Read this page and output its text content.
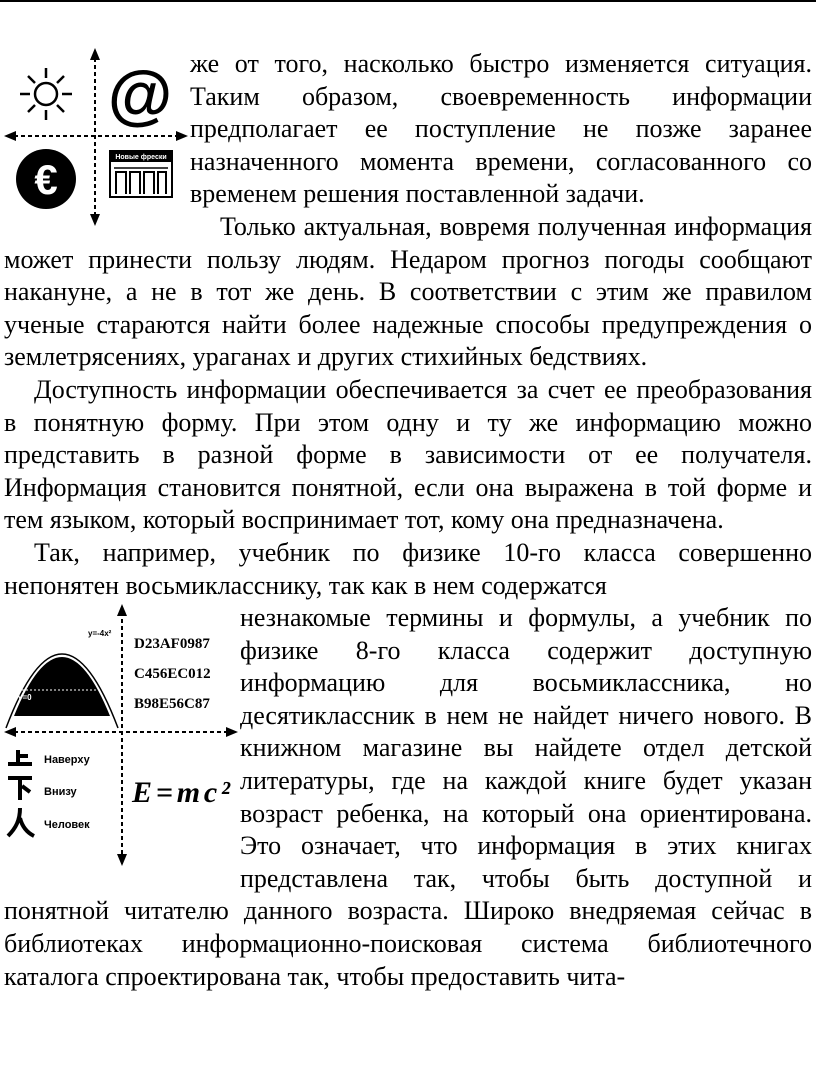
@
€	Новые фрески

же от того, насколько быстро изменяется ситуация. Таким образом, своевременность информации предполагает ее поступление не позже заранее назначенного момента времени, согласованного со временем решения поставленной задачи.

Только актуальная, вовремя полученная информация может принести пользу людям. Недаром прогноз погоды сообщают накануне, а не в тот же день. В соответствии с этим же правилом ученые стараются найти более надежные способы предупреждения о землетрясениях, ураганах и других стихийных бедствиях.

Доступность информации обеспечивается за счет ее преобразования в понятную форму. При этом одну и ту же информацию можно представить в разной форме в зависимости от ее получателя. Информация становится понятной, если она выражена в той форме и тем языком, который воспринимает тот, кому она предназначена.

Так, например, учебник по физике 10-го класса совершенно непонятен восьмикласснику, так как в нем содержатся

y=-4x²
y=0
D23AF0987
C456EC012
B98E56C87
Наверху
Внизу
Человек
E=mc²

незнакомые термины и формулы, а учебник по физике 8-го класса содержит доступную информацию для восьмиклассника, но десятиклассник в нем не найдет ничего нового. В книжном магазине вы найдете отдел детской литературы, где на каждой книге будет указан возраст ребенка, на который она ориентирована. Это означает, что информация в этих книгах представлена так, чтобы быть доступной и понятной читателю данного возраста. Широко внедряемая сейчас в библиотеках информационно-поисковая система библиотечного каталога спроектирована так, чтобы предоставить чита-
